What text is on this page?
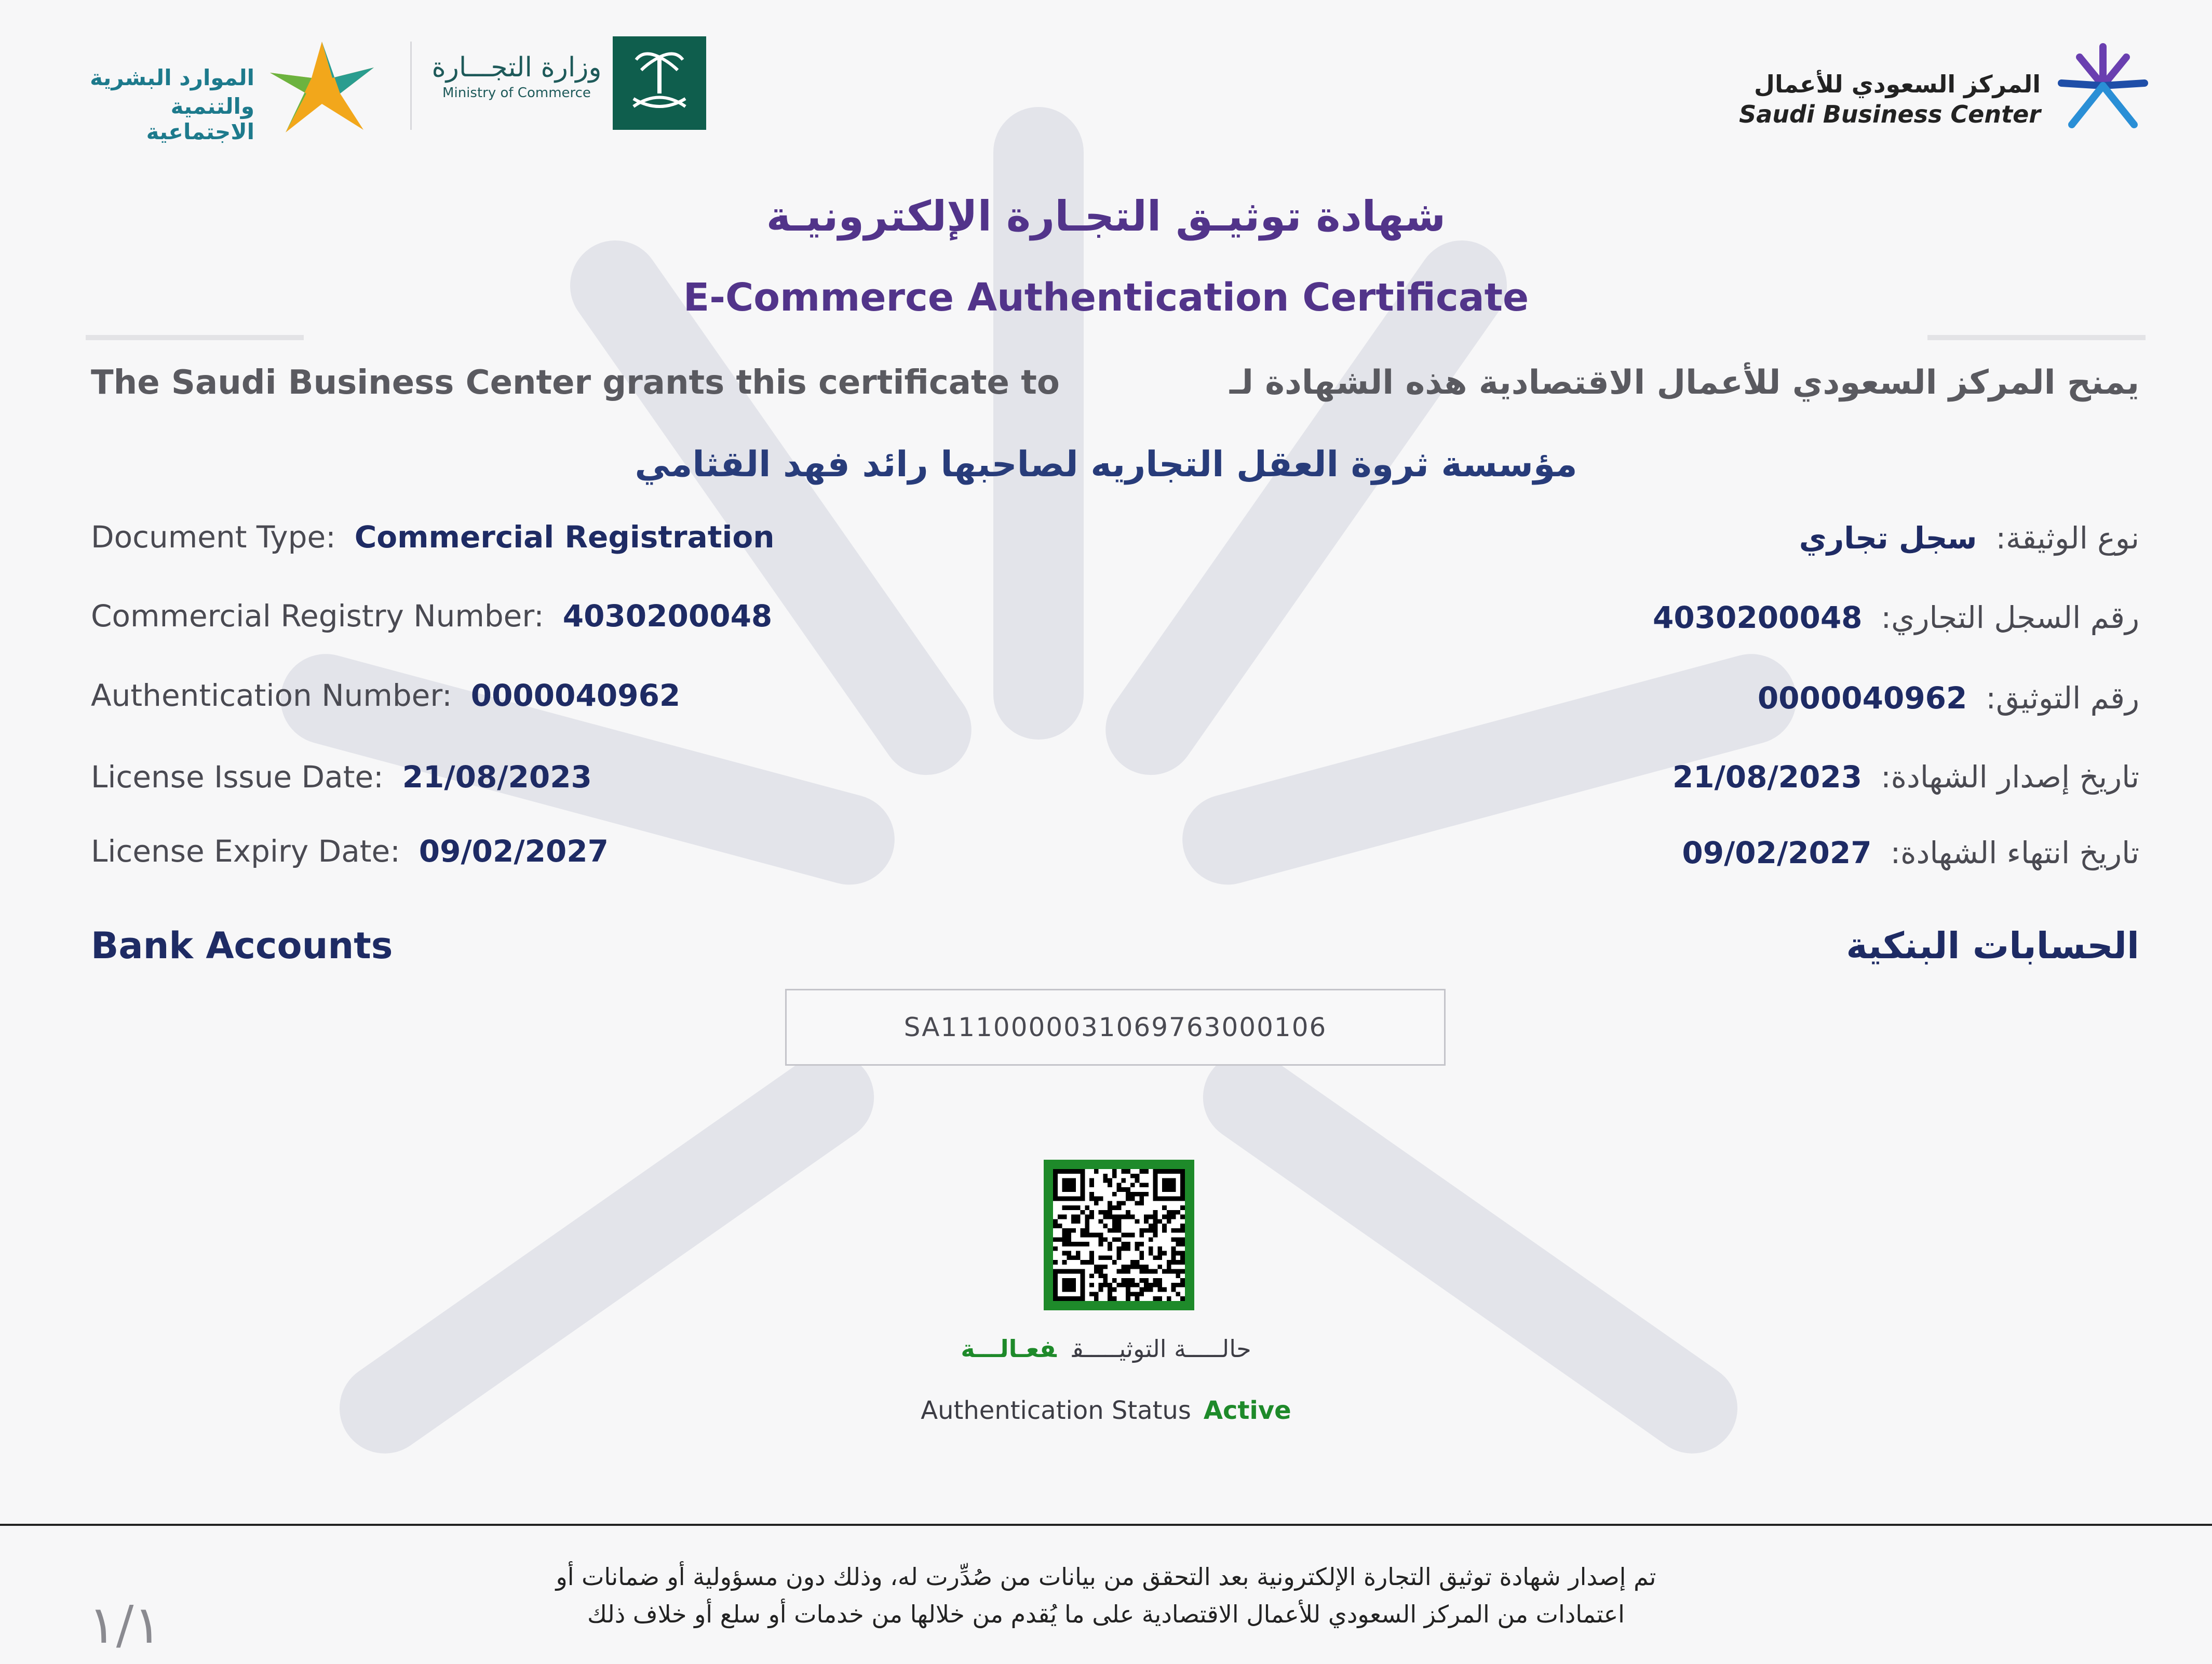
الموارد البشرية
والتنمية الاجتماعية
وزارة التجـــارة
Ministry of Commerce	المركز السعودي للأعمال
Saudi Business Center
شهادة توثيـق التجـارة الإلكترونيـة
E-Commerce Authentication Certificate
The Saudi Business Center grants this certificate to	يمنح المركز السعودي للأعمال الاقتصادية هذه الشهادة لـ
مؤسسة ثروة العقل التجاريه لصاحبها رائد فهد القثامي
Document Type: Commercial Registration
Commercial Registry Number: 4030200048
Authentication Number: 0000040962
License Issue Date: 21/08/2023
License Expiry Date: 09/02/2027
نوع الوثيقة:سجل تجاري
رقم السجل التجاري:4030200048
رقم التوثيق:0000040962
تاريخ إصدار الشهادة:21/08/2023
تاريخ انتهاء الشهادة:09/02/2027
Bank Accounts	الحسابات البنكية
SA1110000031069763000106
حالـــــة التوثيـــــقفعـالـــة
Authentication Status Active
تم إصدار شهادة توثيق التجارة الإلكترونية بعد التحقق من بيانات من صُدِّرت له، وذلك دون مسؤولية أو ضمانات أو
اعتمادات من المركز السعودي للأعمال الاقتصادية على ما يُقدم من خلالها من خدمات أو سلع أو خلاف ذلك
١/١
